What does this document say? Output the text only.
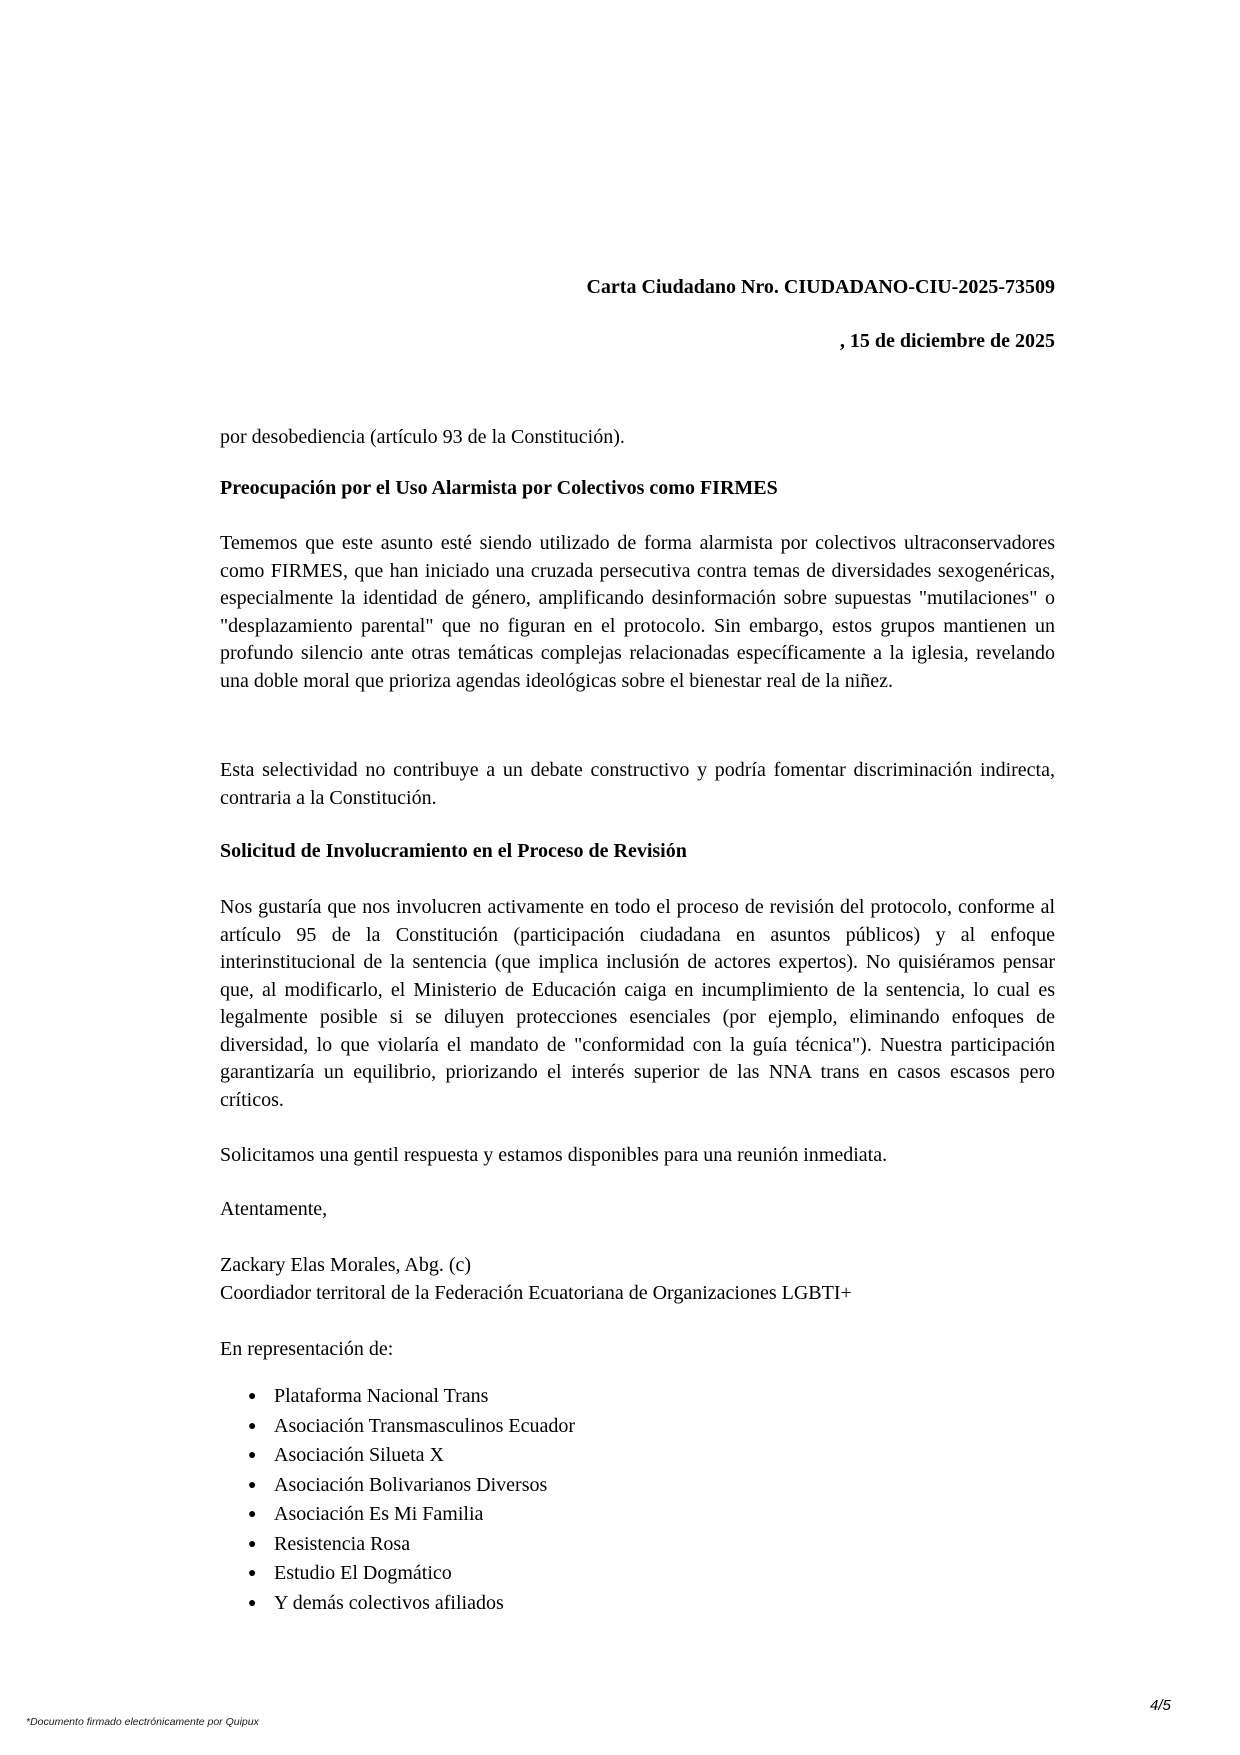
Carta Ciudadano Nro. CIUDADANO-CIU-2025-73509
, 15 de diciembre de 2025
por desobediencia (artículo 93 de la Constitución).
Preocupación por el Uso Alarmista por Colectivos como FIRMES
Tememos que este asunto esté siendo utilizado de forma alarmista por colectivos ultraconservadores como FIRMES, que han iniciado una cruzada persecutiva contra temas de diversidades sexogenéricas, especialmente la identidad de género, amplificando desinformación sobre supuestas "mutilaciones" o "desplazamiento parental" que no figuran en el protocolo. Sin embargo, estos grupos mantienen un profundo silencio ante otras temáticas complejas relacionadas específicamente a la iglesia, revelando una doble moral que prioriza agendas ideológicas sobre el bienestar real de la niñez.
Esta selectividad no contribuye a un debate constructivo y podría fomentar discriminación indirecta, contraria a la Constitución.
Solicitud de Involucramiento en el Proceso de Revisión
Nos gustaría que nos involucren activamente en todo el proceso de revisión del protocolo, conforme al artículo 95 de la Constitución (participación ciudadana en asuntos públicos) y al enfoque interinstitucional de la sentencia (que implica inclusión de actores expertos). No quisiéramos pensar que, al modificarlo, el Ministerio de Educación caiga en incumplimiento de la sentencia, lo cual es legalmente posible si se diluyen protecciones esenciales (por ejemplo, eliminando enfoques de diversidad, lo que violaría el mandato de "conformidad con la guía técnica"). Nuestra participación garantizaría un equilibrio, priorizando el interés superior de las NNA trans en casos escasos pero críticos.
Solicitamos una gentil respuesta y estamos disponibles para una reunión inmediata.
Atentamente,
Zackary Elas Morales, Abg. (c)
Coordiador territoral de la Federación Ecuatoriana de Organizaciones LGBTI+
En representación de:
●
Plataforma Nacional Trans
●
Asociación Transmasculinos Ecuador
●
Asociación Silueta X
●
Asociación Bolivarianos Diversos
●
Asociación Es Mi Familia
●
Resistencia Rosa
●
Estudio El Dogmático
●
Y demás colectivos afiliados
*Documento firmado electrónicamente por Quipux
4/5
